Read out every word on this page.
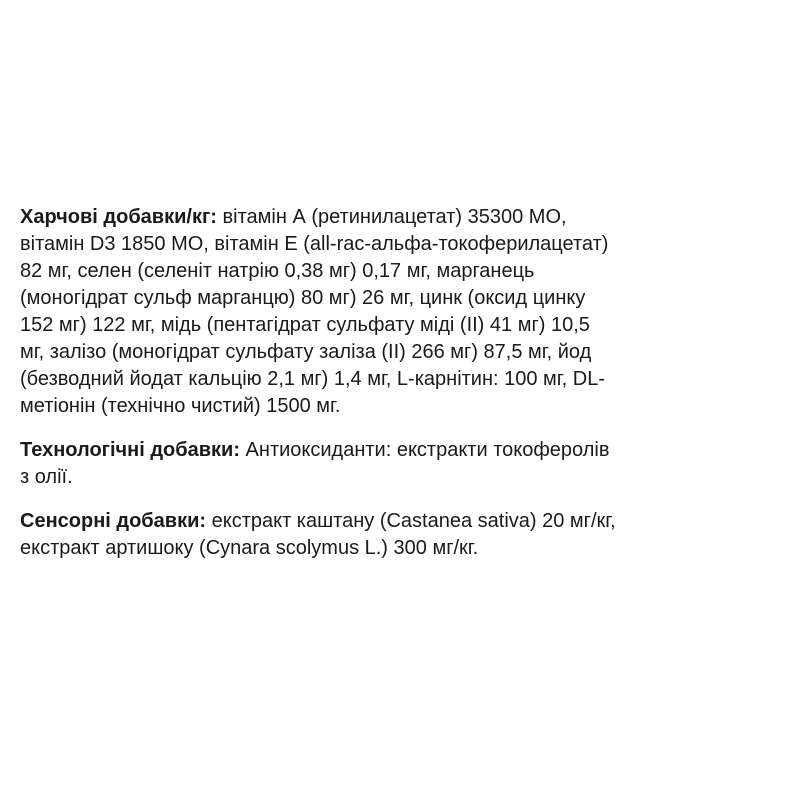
Харчові добавки/кг: вітамін А (ретинилацетат) 35300 МО,
вітамін D3 1850 МО, вітамін Е (all-rac-альфа-токоферилацетат)
82 мг, селен (селеніт натрію 0,38 мг) 0,17 мг, марганець
(моногідрат сульф марганцю) 80 мг) 26 мг, цинк (оксид цинку
152 мг) 122 мг, мідь (пентагідрат сульфату міді (II) 41 мг) 10,5
мг, залізо (моногідрат сульфату заліза (II) 266 мг) 87,5 мг, йод
(безводний йодат кальцію 2,1 мг) 1,4 мг, L-карнітин: 100 мг, DL-
метіонін (технічно чистий) 1500 мг.
Технологічні добавки: Антиоксиданти: екстракти токоферолів
з олії.
Сенсорні добавки: екстракт каштану (Castanea sativa) 20 мг/кг,
екстракт артишоку (Cynara scolymus L.) 300 мг/кг.
